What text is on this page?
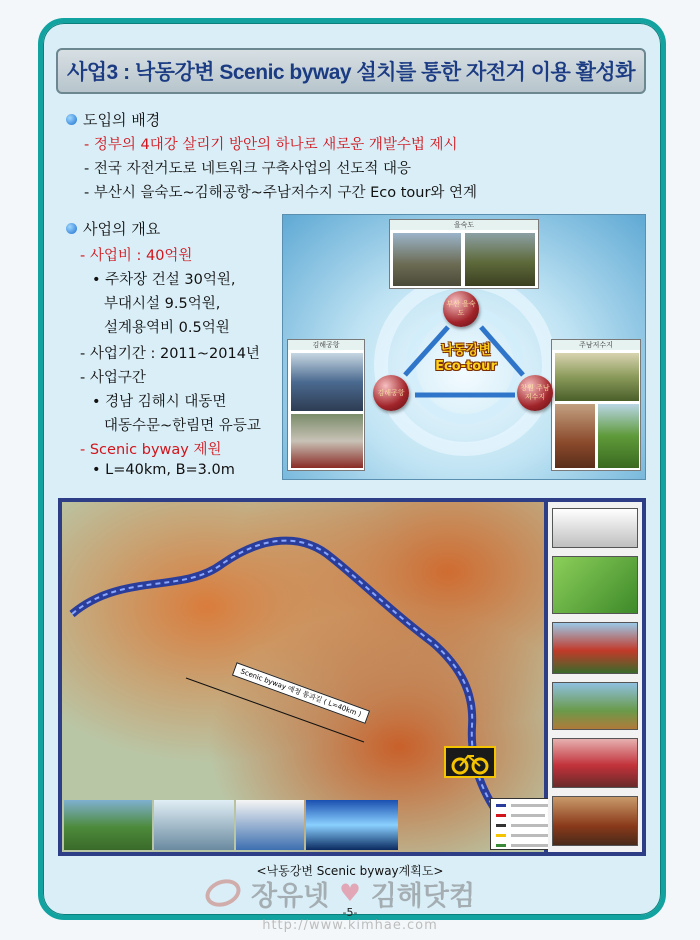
사업3 : 낙동강변 Scenic byway 설치를 통한 자전거 이용 활성화
도입의 배경
- 정부의 4대강 살리기 방안의 하나로 새로운 개발수법 제시
- 전국 자전거도로 네트워크 구축사업의 선도적 대응
- 부산시 을숙도~김해공항~주남저수지 구간 Eco tour와 연계
사업의 개요
- 사업비 : 40억원
• 주차장 건설 30억원,
부대시설 9.5억원,
설계용역비 0.5억원
- 사업기간 : 2011~2014년
- 사업구간
• 경남 김해시 대동면
대동수문~한림면 유등교
- Scenic byway 제원
• L=40km, B=3.0m
을숙도
김해공항	주남저수지
부산 을숙도
김해공항
창원 주남저수지
낙동강변
Eco-tour
Scenic byway 예정 통과길 ( L=40km )
<낙동강변 Scenic byway계획도>
장유넷 ♥ 김해닷컴
-5-
http://www.kimhae.com
